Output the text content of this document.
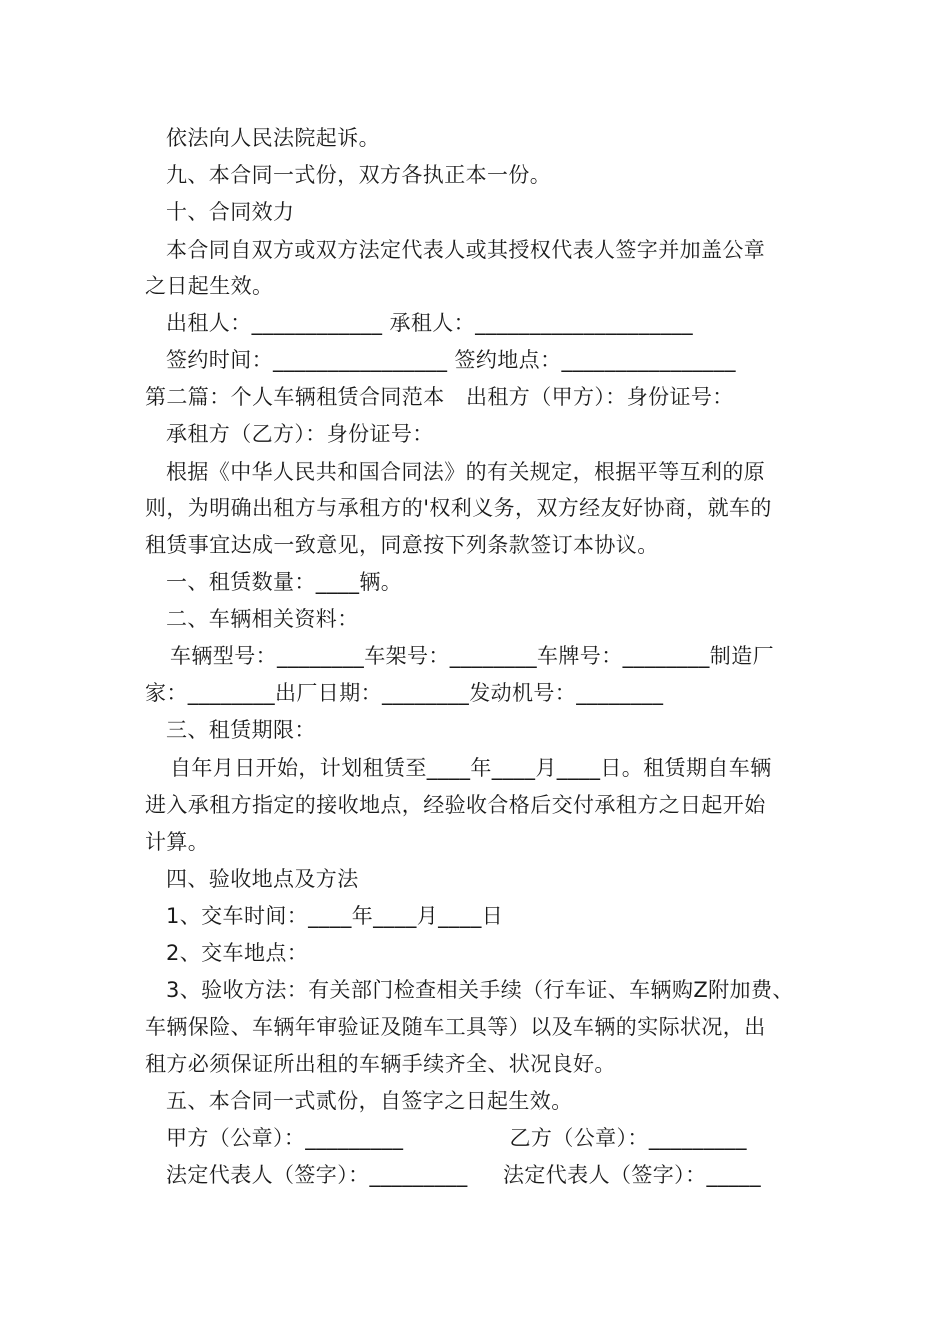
依法向人民法院起诉。
九、本合同一式份，双方各执正本一份。
十、合同效力
本合同自双方或双方法定代表人或其授权代表人签字并加盖公章
之日起生效。
出租人：____________ 承租人：____________________
签约时间：________________ 签约地点：________________
第二篇：个人车辆租赁合同范本　出租方（甲方）：身份证号：
承租方（乙方）：身份证号：
根据《中华人民共和国合同法》的有关规定，根据平等互利的原
则，为明确出租方与承租方的'权利义务，双方经友好协商，就车的
租赁事宜达成一致意见，同意按下列条款签订本协议。
一、租赁数量：____辆。
二、车辆相关资料：
车辆型号：________车架号：________车牌号：________制造厂
家：________出厂日期：________发动机号：________
三、租赁期限：
自年月日开始，计划租赁至____年____月____日。租赁期自车辆
进入承租方指定的接收地点，经验收合格后交付承租方之日起开始
计算。
四、验收地点及方法
1、交车时间：____年____月____日
2、交车地点：
3、验收方法：有关部门检查相关手续（行车证、车辆购Z附加费、
车辆保险、车辆年审验证及随车工具等）以及车辆的实际状况，出
租方必须保证所出租的车辆手续齐全、状况良好。
五、本合同一式贰份，自签字之日起生效。
甲方（公章）：_________               乙方（公章）：_________
法定代表人（签字）：_________     法定代表人（签字）：_____
